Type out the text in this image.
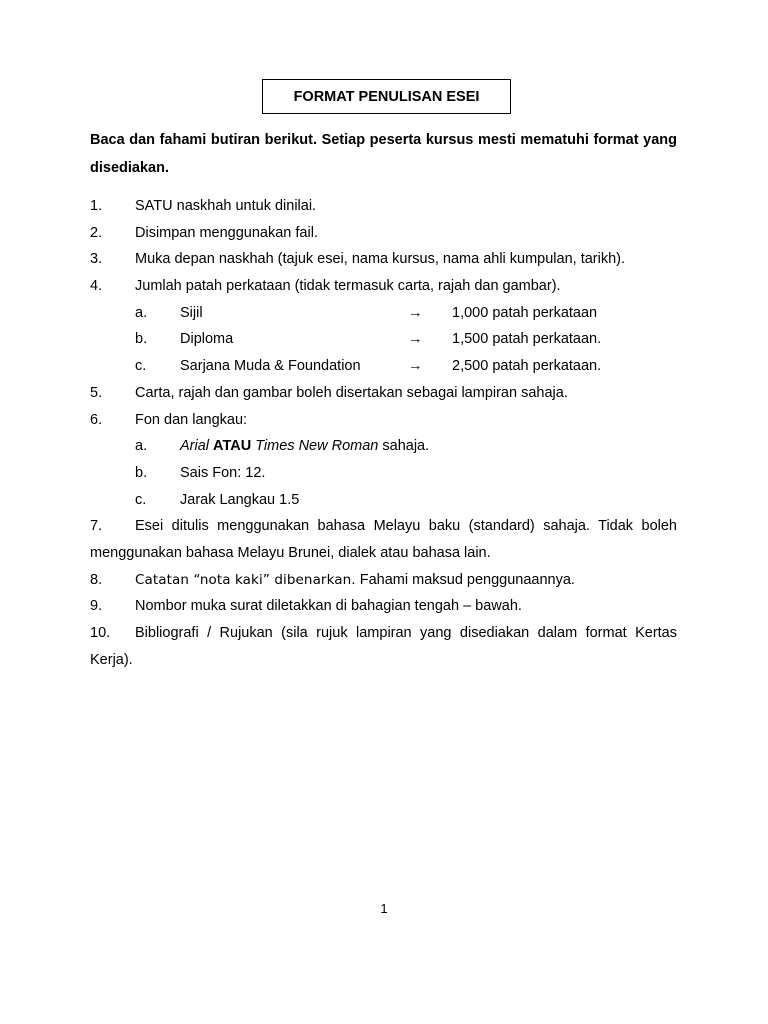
FORMAT PENULISAN ESEI
Baca dan fahami butiran berikut. Setiap peserta kursus mesti mematuhi format yang disediakan.
1. SATU naskhah untuk dinilai.
2. Disimpan menggunakan fail.
3. Muka depan naskhah (tajuk esei, nama kursus, nama ahli kumpulan, tarikh).
4. Jumlah patah perkataan (tidak termasuk carta, rajah dan gambar).
a. Sijil	→ 1,000 patah perkataan
b. Diploma	→ 1,500 patah perkataan.
c. Sarjana Muda & Foundation	→ 2,500 patah perkataan.
5. Carta, rajah dan gambar boleh disertakan sebagai lampiran sahaja.
6. Fon dan langkau:
a. Arial ATAU Times New Roman sahaja.
b. Sais Fon: 12.
c. Jarak Langkau 1.5
7.	Esei ditulis menggunakan bahasa Melayu baku (standard) sahaja. Tidak boleh
menggunakan bahasa Melayu Brunei, dialek atau bahasa lain.
8. Catatan “nota kaki” dibenarkan. Fahami maksud penggunaannya.
9. Nombor muka surat diletakkan di bahagian tengah – bawah.
10.	Bibliografi / Rujukan (sila rujuk lampiran yang disediakan dalam format Kertas
Kerja).
1
